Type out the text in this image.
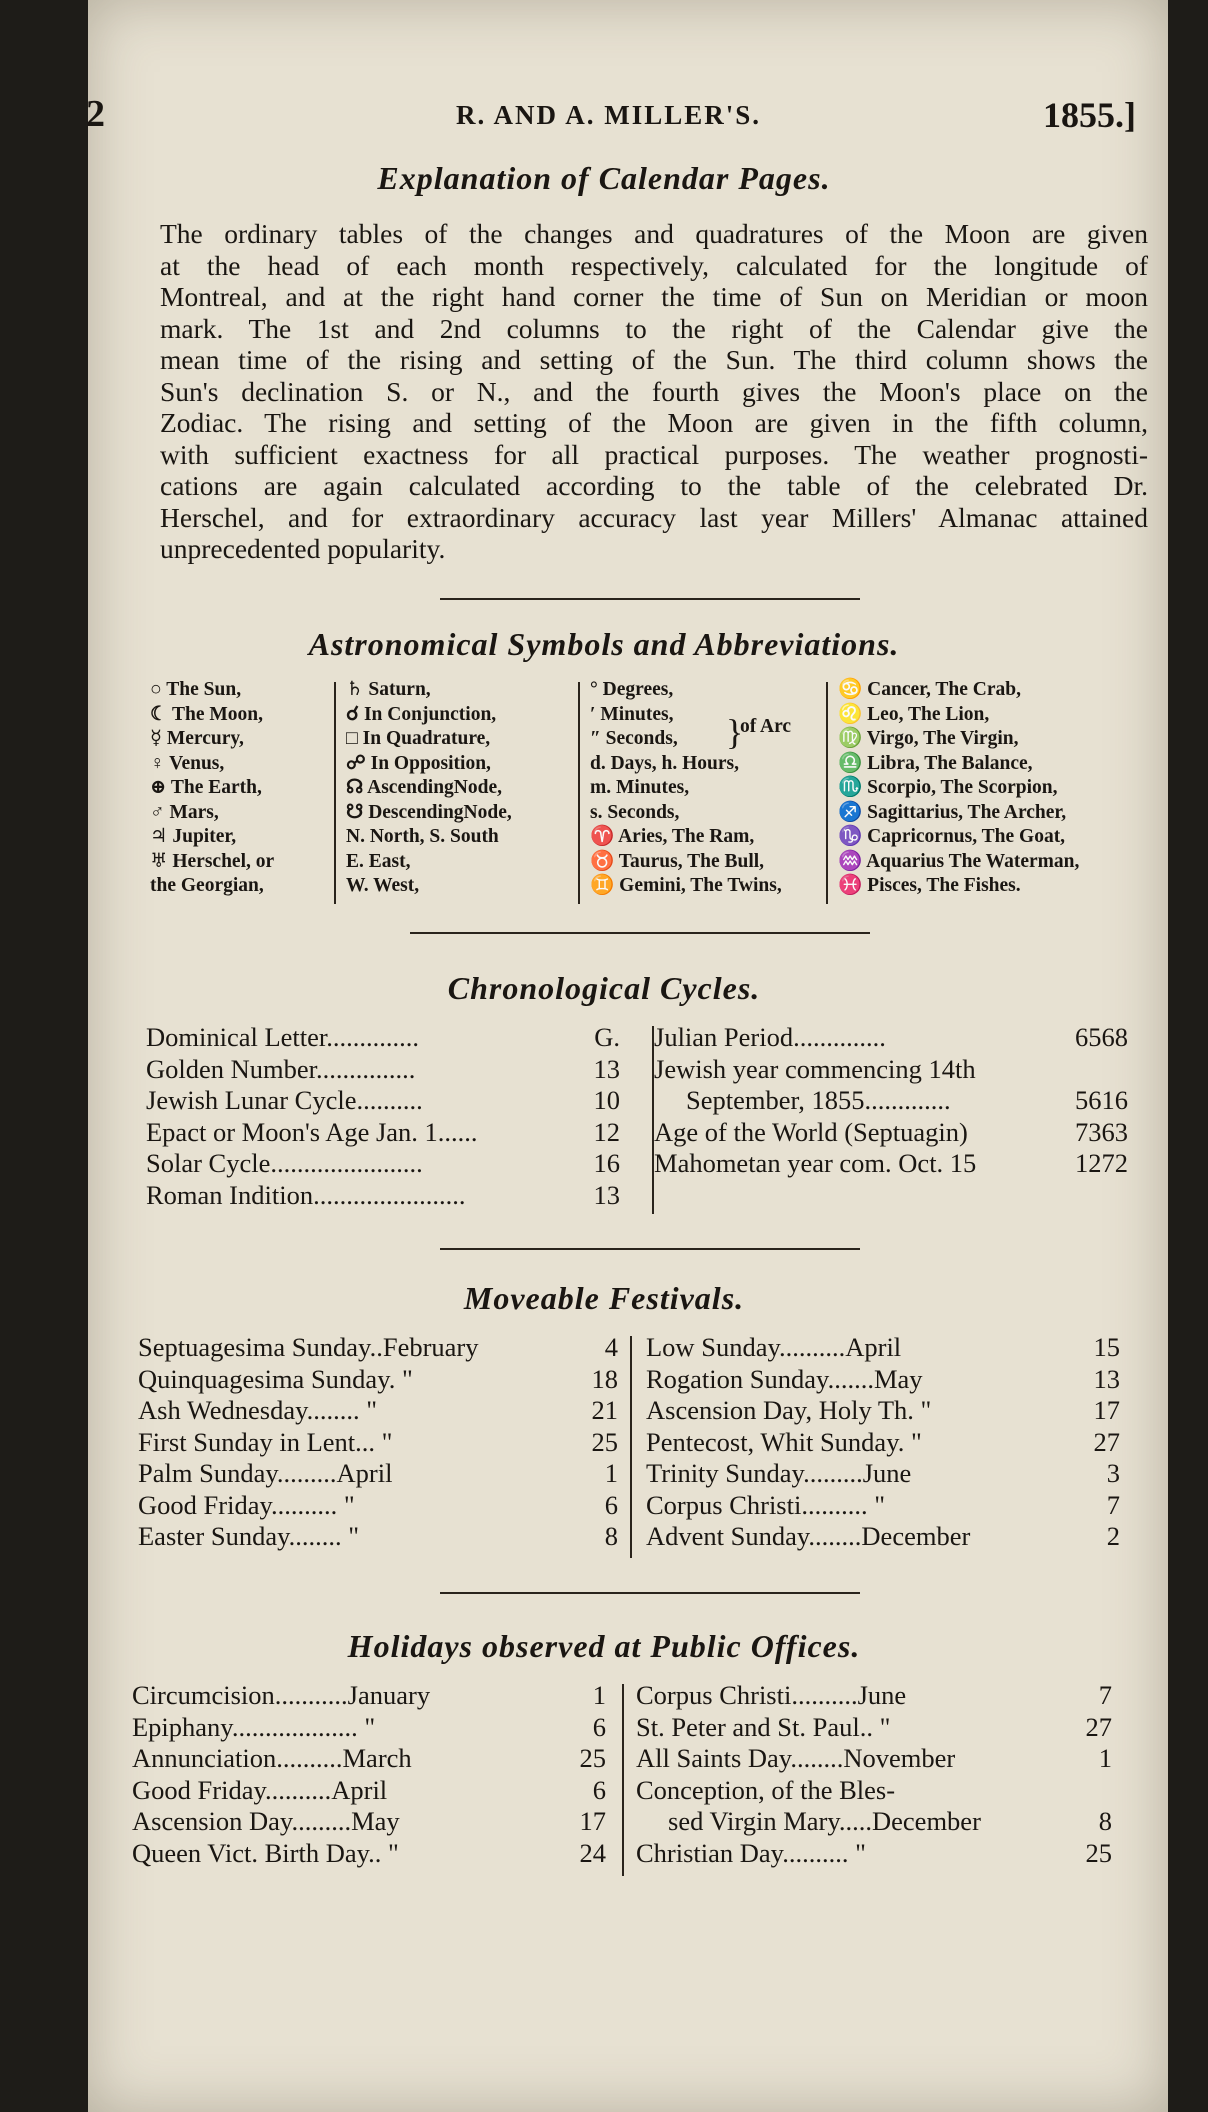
2	R. AND A. MILLER'S.	1855.]
Explanation of Calendar Pages.
The ordinary tables of the changes and quadratures of the Moon are given
at the head of each month respectively, calculated for the longitude of
Montreal, and at the right hand corner the time of Sun on Meridian or moon
mark. The 1st and 2nd columns to the right of the Calendar give the
mean time of the rising and setting of the Sun. The third column shows the
Sun's declination S. or N., and the fourth gives the Moon's place on the
Zodiac. The rising and setting of the Moon are given in the fifth column,
with sufficient exactness for all practical purposes. The weather prognosti-
cations are again calculated according to the table of the celebrated Dr.
Herschel, and for extraordinary accuracy last year Millers' Almanac attained
unprecedented popularity.
Astronomical Symbols and Abbreviations.
○ The Sun,
☾ The Moon,
☿ Mercury,
♀ Venus,
⊕ The Earth,
♂ Mars,
♃ Jupiter,
♅ Herschel, or
the Georgian,
♄ Saturn,
☌ In Conjunction,
□ In Quadrature,
☍ In Opposition,
☊ AscendingNode,
☋ DescendingNode,
N. North, S. South
E. East,
W. West,
° Degrees,
′ Minutes,
″ Seconds,
d. Days, h. Hours,
m. Minutes,
s. Seconds,
♈ Aries, The Ram,
♉ Taurus, The Bull,
♊ Gemini, The Twins,
}
of Arc
♋ Cancer, The Crab,
♌ Leo, The Lion,
♍ Virgo, The Virgin,
♎ Libra, The Balance,
♏ Scorpio, The Scorpion,
♐ Sagittarius, The Archer,
♑ Capricornus, The Goat,
♒ Aquarius The Waterman,
♓ Pisces, The Fishes.
Chronological Cycles.
Dominical Letter..............	G.
Golden Number...............	13
Jewish Lunar Cycle..........	10
Epact or Moon's Age Jan. 1......	12
Solar Cycle.......................	16
Roman Indition.......................	13
Julian Period..............	6568
Jewish year commencing 14th
September, 1855.............	5616
Age of the World (Septuagin)	7363
Mahometan year com. Oct. 15	1272
Moveable Festivals.
Septuagesima Sunday..February	4
Quinquagesima Sunday. "	18
Ash Wednesday........ "	21
First Sunday in Lent... "	25
Palm Sunday.........April	1
Good Friday.......... "	6
Easter Sunday........ "	8
Low Sunday..........April	15
Rogation Sunday.......May	13
Ascension Day, Holy Th. "	17
Pentecost, Whit Sunday. "	27
Trinity Sunday.........June	3
Corpus Christi.......... "	7
Advent Sunday........December	2
Holidays observed at Public Offices.
Circumcision...........January	1
Epiphany................... "	6
Annunciation..........March	25
Good Friday..........April	6
Ascension Day.........May	17
Queen Vict. Birth Day.. "	24
Corpus Christi..........June	7
St. Peter and St. Paul.. "	27
All Saints Day........November	1
Conception, of the Bles-
sed Virgin Mary.....December	8
Christian Day.......... "	25
